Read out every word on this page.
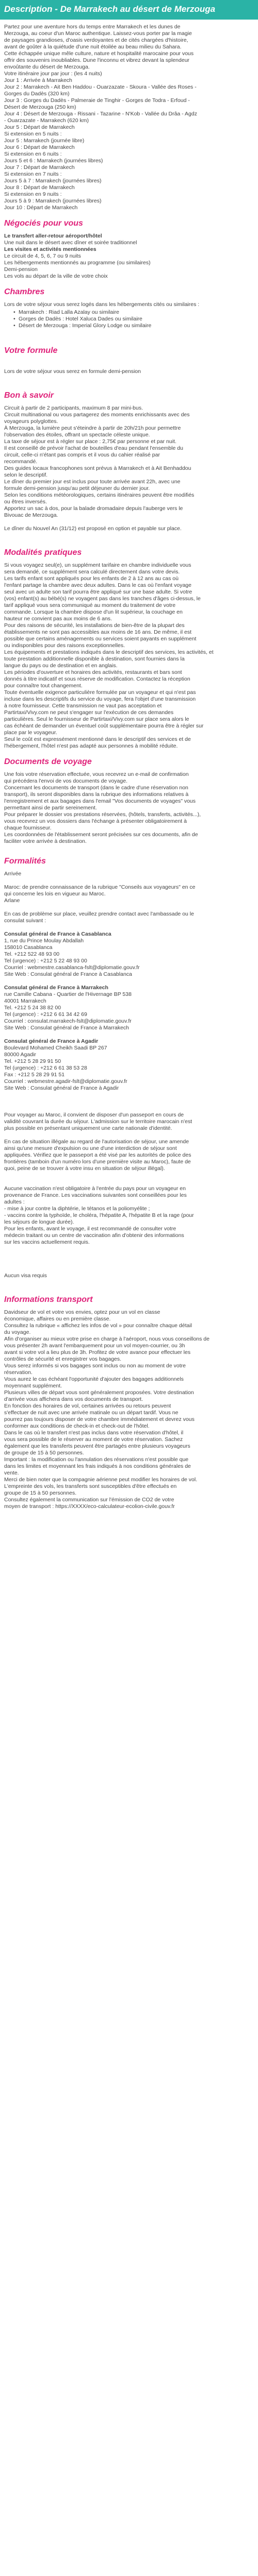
Description - De Marrakech au désert de Merzouga
Partez pour une aventure hors du temps entre Marrakech et les dunes de
Merzouga, au coeur d'un Maroc authentique. Laissez-vous porter par la magie
de paysages grandioses, d'oasis verdoyantes et de cités chargées d'histoire,
avant de goûter à la quiétude d'une nuit étoilée au beau milieu du Sahara.
Cette échappée unique mêle culture, nature et hospitalité marocaine pour vous
offrir des souvenirs inoubliables. Dune l'inconnu et vibrez devant la splendeur
envoûtante du désert de Merzouga.
Votre itinéraire jour par jour : (les 4 nuits)
Jour 1 : Arrivée à Marrakech
Jour 2 : Marrakech - Ait Ben Haddou - Ouarzazate - Skoura - Vallée des Roses -
Gorges du Dadès (320 km)
Jour 3 : Gorges du Dadès - Palmeraie de Tinghir - Gorges de Todra - Erfoud -
Désert de Merzouga (250 km)
Jour 4 : Désert de Merzouga - Rissani - Tazarine - N'Kob - Vallée du Drâa - Agdz
- Ouarzazate - Marrakech (620 km)
Jour 5 : Départ de Marrakech
Si extension en 5 nuits :
Jour 5 : Marrakech (journée libre)
Jour 6 : Départ de Marrakech
Si extension en 6 nuits :
Jours 5 et 6 : Marrakech (journées libres)
Jour 7 : Départ de Marrakech
Si extension en 7 nuits :
Jours 5 à 7 : Marrakech (journées libres)
Jour 8 : Départ de Marrakech
Si extension en 9 nuits :
Jours 5 à 9 : Marrakech (journées libres)
Jour 10 : Départ de Marrakech
Négociés pour vous
Le transfert aller-retour aéroport/hôtel
Une nuit dans le désert avec dîner et soirée traditionnel
Les visites et activités mentionnées
Le circuit de 4, 5, 6, 7 ou 9 nuits
Les hébergements mentionnés au programme (ou similaires)
Demi-pension
Les vols au départ de la ville de votre choix
Chambres
Lors de votre séjour vous serez logés dans les hébergements cités ou similaires :
• Marrakech : Riad Lalla Azalay ou similaire
• Gorges de Dadès : Hotel Xaluca Dades ou similaire
• Désert de Merzouga : Imperial Glory Lodge ou similaire
Votre formule
Lors de votre séjour vous serez en formule demi-pension
Bon à savoir
Circuit à partir de 2 participants, maximum 8 par mini-bus.
Circuit multinational ou vous partagerez des moments enrichissants avec des
voyageurs polyglottes.
À Merzouga, la lumière peut s'éteindre à partir de 20h/21h pour permettre
l'observation des étoiles, offrant un spectacle céleste unique.
La taxe de séjour est à régler sur place : 2,75€ par personne et par nuit.
Il est conseillé de prévoir l'achat de bouteilles d'eau pendant l'ensemble du
circuit, celle-ci n'étant pas compris et il vous du cahier réalisé par
recommandé.
Des guides locaux francophones sont prévus à Marrakech et à Ait Benhaddou
selon le descriptif.
Le dîner du premier jour est inclus pour toute arrivée avant 22h, avec une
formule demi-pension jusqu'au petit déjeuner du dernier jour.
Selon les conditions météorologiques, certains itinéraires peuvent être modifiés
ou êtres inversés.
Apportez un sac à dos, pour la balade dromadaire depuis l'auberge vers le
Bivouac de Merzouga.
Le dîner du Nouvel An (31/12) est proposé en option et payable sur place.
Modalités pratiques
Si vous voyagez seul(e), un supplément tarifaire en chambre individuelle vous
sera demandé, ce supplément sera calculé directement dans votre devis.
Les tarifs enfant sont appliqués pour les enfants de 2 à 12 ans au cas où
l'enfant partage la chambre avec deux adultes. Dans le cas où l'enfant voyage
seul avec un adulte son tarif pourra être appliqué sur une base adulte. Si votre
(vos) enfant(s) au bébé(s) ne voyagent pas dans les tranches d'âges ci-dessus, le
tarif appliqué vous sera communiqué au moment du traitement de votre
commande. Lorsque la chambre dispose d'un lit supérieur, la couchage en
hauteur ne convient pas aux moins de 6 ans.
Pour des raisons de sécurité, les installations de bien-être de la plupart des
établissements ne sont pas accessibles aux moins de 16 ans. De même, il est
possible que certains aménagements ou services soient payants en supplément
ou indisponibles pour des raisons exceptionnelles.
Les équipements et prestations indiqués dans le descriptif des services, les activités, et
toute prestation additionnelle disponible à destination, sont fournies dans la
langue du pays ou de destination et en anglais.
Les périodes d'ouverture et horaires des activités, restaurants et bars sont
donnés à titre indicatif et sous réserve de modification. Contactez la réception
pour connaître tout changement.
Toute éventuelle exigence particulière formulée par un voyageur et qui n'est pas
incluse dans les descriptifs du service du voyage, fera l'objet d'une transmission
à notre fournisseur. Cette transmission ne vaut pas acceptation et
Partirtaxi/Vivy.com ne peut s'engager sur l'exécution de ces demandes
particulières. Seul le fournisseur de Partirtaxi/Vivy.com sur place sera alors le
cas échéant de demander un éventuel coût supplémentaire pourra être à régler sur
place par le voyageur.
Seul le coût est expressément mentionné dans le descriptif des services et de
l'hébergement, l'hôtel n'est pas adapté aux personnes à mobilité réduite.
Documents de voyage
Une fois votre réservation effectuée, vous recevrez un e-mail de confirmation
qui précédera l'envoi de vos documents de voyage.
Concernant les documents de transport (dans le cadre d'une réservation non
transport), ils seront disponibles dans la rubrique des informations relatives à
l'enregistrement et aux bagages dans l'email "Vos documents de voyages" vous
permettant ainsi de partir sereinement.
Pour préparer le dossier vos prestations réservées, (hôtels, transferts, activités...),
vous recevrez un vos dossiers dans l'échange à présenter obligatoirement à
chaque fournisseur.
Les coordonnées de l'établissement seront précisées sur ces documents, afin de
faciliter votre arrivée à destination.
Formalités
Arrivée
Maroc: de prendre connaissance de la rubrique "Conseils aux voyageurs" en ce
qui concerne les lois en vigueur au Maroc.
Arlane
En cas de problème sur place, veuillez prendre contact avec l'ambassade ou le
consulat suivant :
Consulat général de France à Casablanca
1, rue du Prince Moulay Abdallah
158010 Casablanca
Tel. +212 522 48 93 00
Tel (urgence) : +212 5 22 48 93 00
Courriel : webmestre.casablanca-fslt@diplomatie.gouv.fr
Site Web : Consulat général de France à Casablanca
Consulat général de France à Marrakech
rue Camille Cabana - Quartier de l'Hivernage BP 538
40001 Marrakech
Tel. +212 5 24 38 82 00
Tel (urgence) : +212 6 61 34 42 69
Courriel : consulat.marrakech-fslt@diplomatie.gouv.fr
Site Web : Consulat général de France à Marrakech
Consulat général de France à Agadir
Boulevard Mohamed Cheikh Saadi BP 267
80000 Agadir
Tel. +212 5 28 29 91 50
Tel (urgence) : +212 6 61 38 53 28
Fax : +212 5 28 29 91 51
Courriel : webmestre.agadir-fslt@diplomatie.gouv.fr
Site Web : Consulat général de France à Agadir
Pour voyager au Maroc, il convient de disposer d'un passeport en cours de
validité couvrant la durée du séjour. L'admission sur le territoire marocain n'est
plus possible en présentant uniquement une carte nationale d'identité.
En cas de situation illégale au regard de l'autorisation de séjour, une amende
ainsi qu'une mesure d'expulsion ou une d'une interdiction de séjour sont
appliquées. Vérifiez que le passeport a été visé par les autorités de police des
frontières (tamboin d'un numéro lors d'une première visite au Maroc), faute de
quoi, peine de se trouver à votre insu en situation de séjour illégal).
Aucune vaccination n'est obligatoire à l'entrée du pays pour un voyageur en
provenance de France. Les vaccinations suivantes sont conseillées pour les
adultes :
- mise à jour contre la diphtérie, le tétanos et la poliomyélite ;
- vaccins contre la typhoïde, le choléra, l'hépatite A, l'hépatite B et la rage (pour
les séjours de longue durée).
Pour les enfants, avant le voyage, il est recommandé de consulter votre
médecin traitant ou un centre de vaccination afin d'obtenir des informations
sur les vaccins actuellement requis.
Aucun visa requis
Informations transport
Davidseur de vol et votre vos envies, optez pour un vol en classe
économique, affaires ou en première classe.
Consultez la rubrique « affichez les infos de vol » pour connaître chaque détail
du voyage.
Afin d'organiser au mieux votre prise en charge à l'aéroport, nous vous conseillons de
vous présenter 2h avant l'embarquement pour un vol moyen-courrier, ou 3h
avant si votre vol a lieu plus de 3h. Profitez de votre avance pour effectuer les
contrôles de sécurité et enregistrer vos bagages.
Vous serez informés si vos bagages sont inclus ou non au moment de votre
réservation.
Vous aurez le cas échéant l'opportunité d'ajouter des bagages additionnels
moyennant supplément.
Plusieurs villes de départ vous sont généralement proposées. Votre destination
d'arrivée vous affichera dans vos documents de transport.
En fonction des horaires de vol, certaines arrivées ou retours peuvent
s'effectuer de nuit avec une arrivée matinale ou un départ tardif. Vous ne
pourrez pas toujours disposer de votre chambre immédiatement et devrez vous
conformer aux conditions de check-in et check-out de l'hôtel.
Dans le cas où le transfert n'est pas inclus dans votre réservation d'hôtel, il
vous sera possible de le réserver au moment de votre réservation. Sachez
également que les transferts peuvent être partagés entre plusieurs voyageurs
de groupe de 15 à 50 personnes.
Important : la modification ou l'annulation des réservations n'est possible que
dans les limites et moyennant les frais indiqués à nos conditions générales de
vente.
Merci de bien noter que la compagnie aérienne peut modifier les horaires de vol.
L'empreinte des vols, les transferts sont susceptibles d'être effectués en
groupe de 15 à 50 personnes.
Consultez également la communication sur l'émission de CO2 de votre
moyen de transport : https://XXXX/eco-calculateur-ecolion-civile.gouv.fr
